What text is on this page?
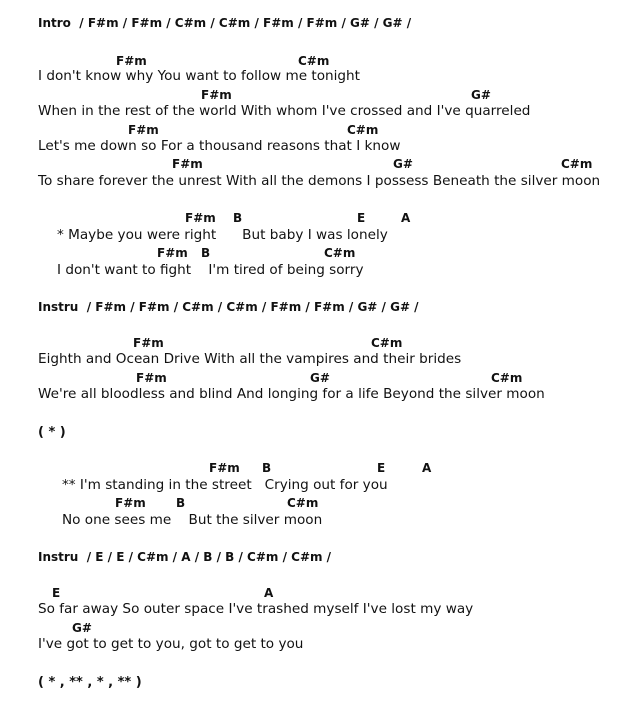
Intro  / F#m / F#m / C#m / C#m / F#m / F#m / G# / G# /
F#m	C#m
I don't know why You want to follow me tonight
F#m	G#
When in the rest of the world With whom I've crossed and I've quarreled
F#m	C#m
Let's me down so For a thousand reasons that I know
F#m	G#	C#m
To share forever the unrest With all the demons I possess Beneath the silver moon
F#m B	E	A
* Maybe you were right      But baby I was lonely
F#m B	C#m
I don't want to fight    I'm tired of being sorry
Instru  / F#m / F#m / C#m / C#m / F#m / F#m / G# / G# /
F#m	C#m
Eighth and Ocean Drive With all the vampires and their brides
F#m	G#	C#m
We're all bloodless and blind And longing for a life Beyond the silver moon
( * )
F#m B	E	A
** I'm standing in the street   Crying out for you
F#m	B	C#m
No one sees me    But the silver moon
Instru  / E / E / C#m / A / B / B / C#m / C#m /
E	A
So far away So outer space I've trashed myself I've lost my way
G#
I've got to get to you, got to get to you
( * , ** , * , ** )
